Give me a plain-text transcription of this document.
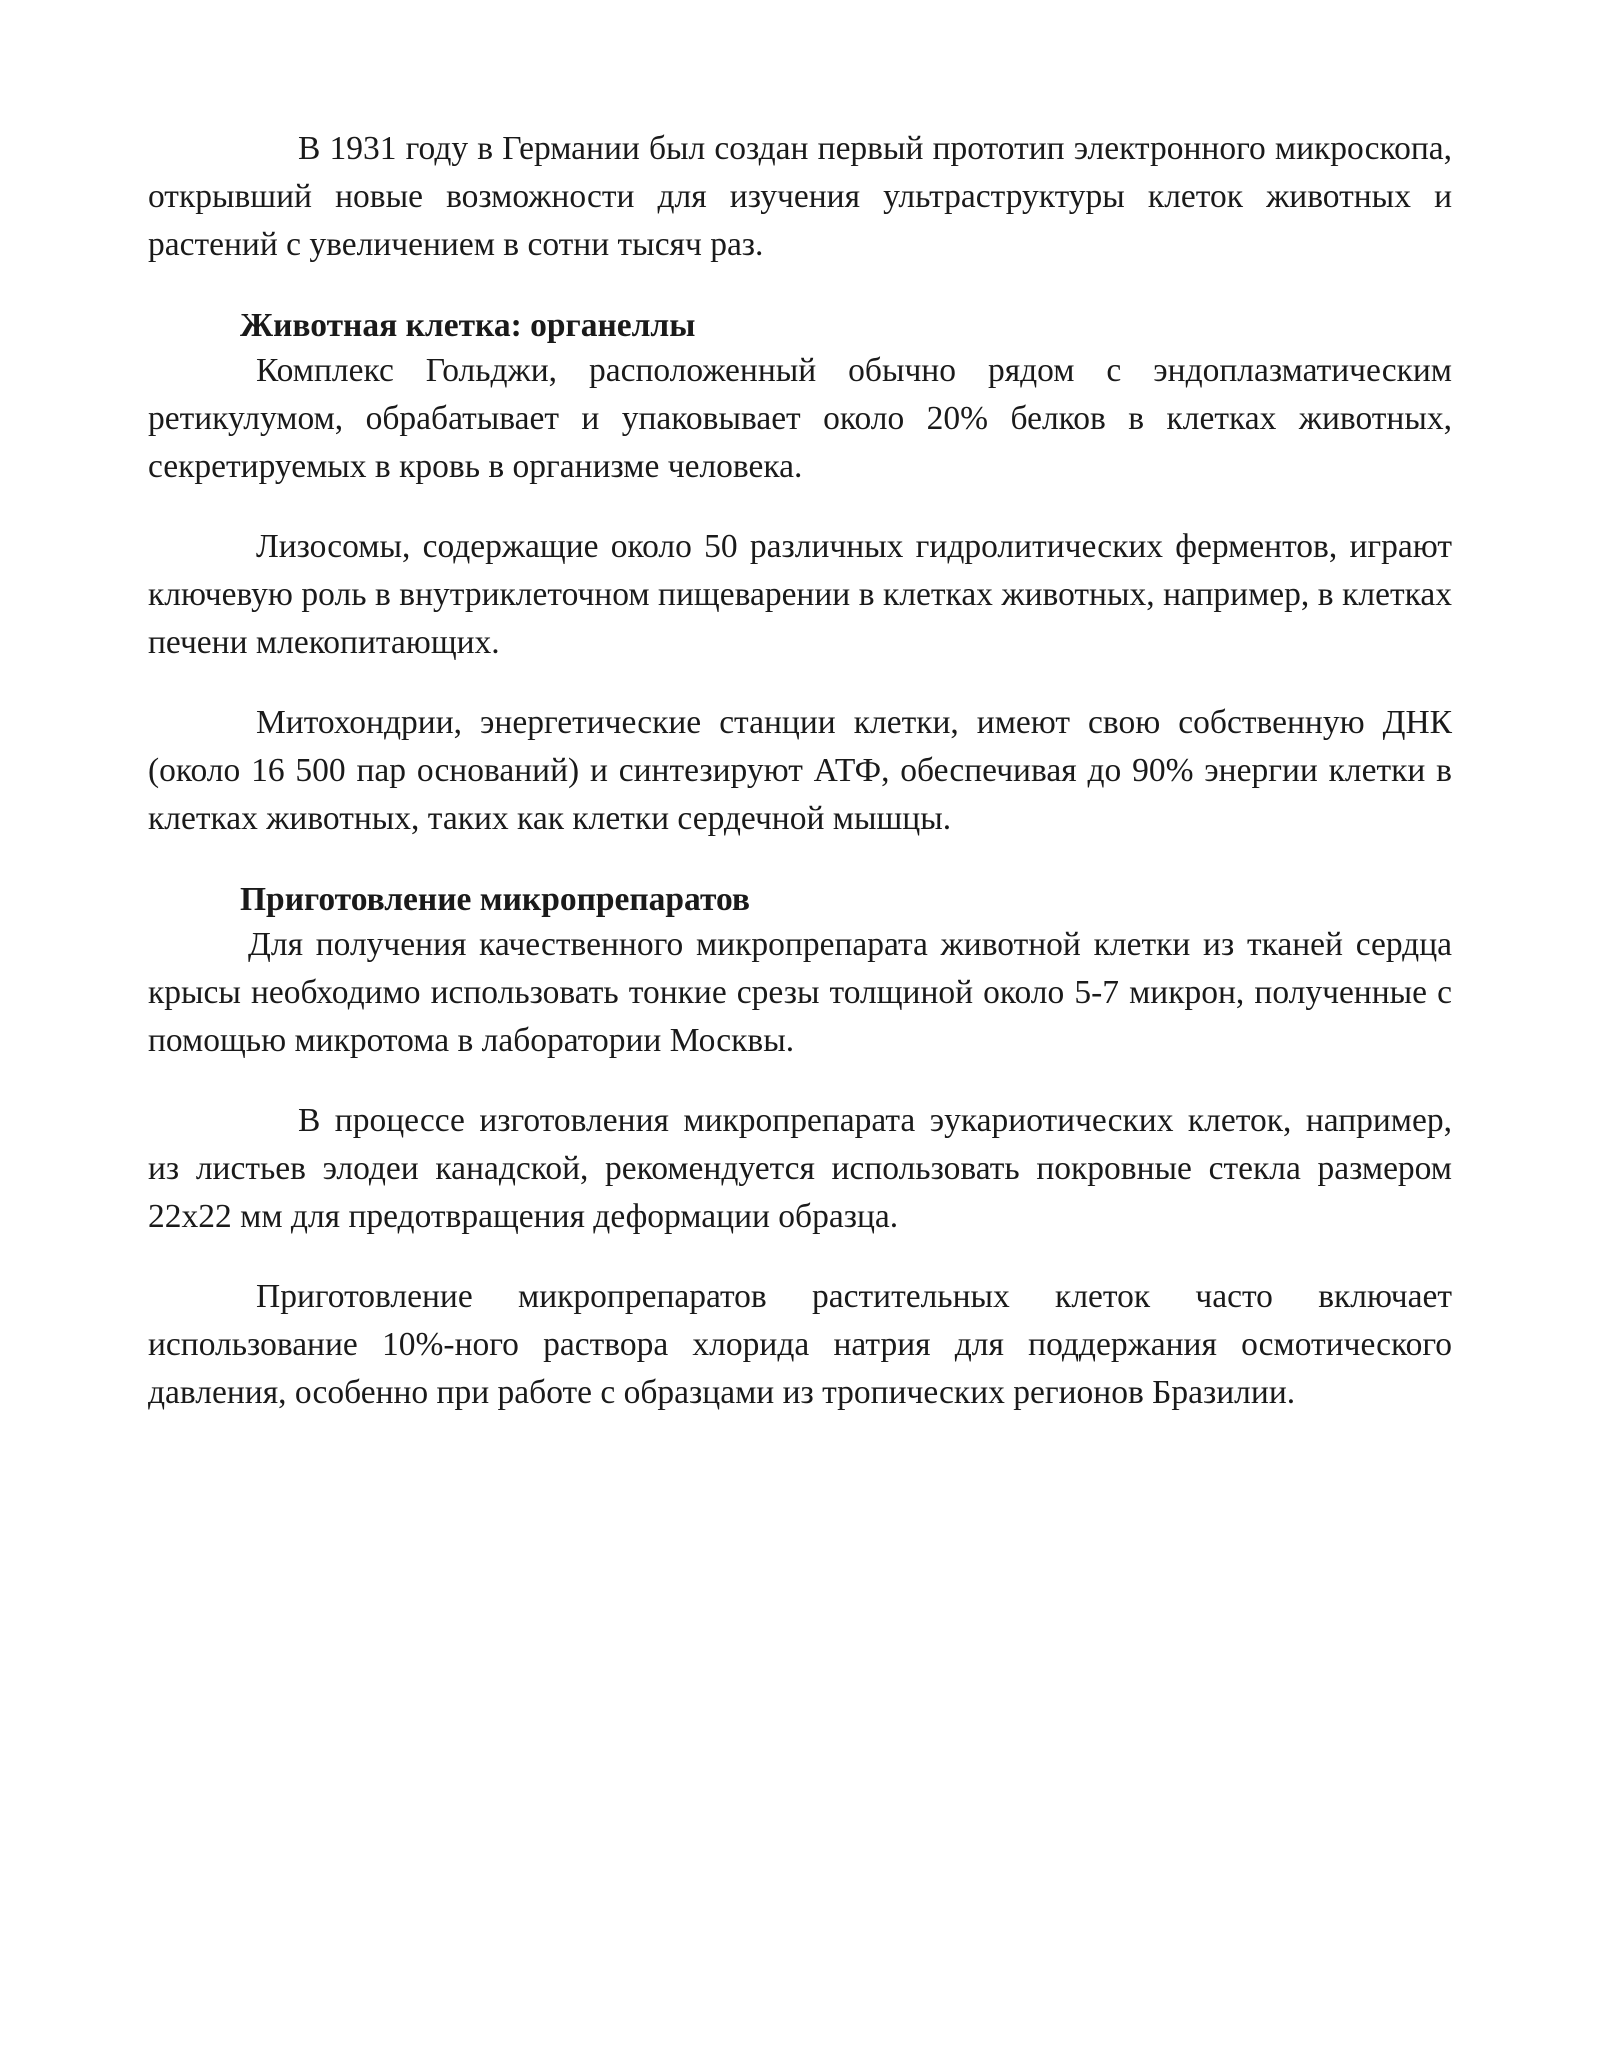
В 1931 году в Германии был создан первый прототип электронного микроскопа, открывший новые возможности для изучения ультраструктуры клеток животных и растений с увеличением в сотни тысяч раз.

Животная клетка: органеллы

Комплекс Гольджи, расположенный обычно рядом с эндоплазматическим ретикулумом, обрабатывает и упаковывает около 20% белков в клетках животных, секретируемых в кровь в организме человека.

Лизосомы, содержащие около 50 различных гидролитических ферментов, играют ключевую роль в внутриклеточном пищеварении в клетках животных, например, в клетках печени млекопитающих.

Митохондрии, энергетические станции клетки, имеют свою собственную ДНК (около 16 500 пар оснований) и синтезируют АТФ, обеспечивая до 90% энергии клетки в клетках животных, таких как клетки сердечной мышцы.

Приготовление микропрепаратов

Для получения качественного микропрепарата животной клетки из тканей сердца крысы необходимо использовать тонкие срезы толщиной около 5-7 микрон, полученные с помощью микротома в лаборатории Москвы.

В процессе изготовления микропрепарата эукариотических клеток, например, из листьев элодеи канадской, рекомендуется использовать покровные стекла размером 22x22 мм для предотвращения деформации образца.

Приготовление микропрепаратов растительных клеток часто включает использование 10%-ного раствора хлорида натрия для поддержания осмотического давления, особенно при работе с образцами из тропических регионов Бразилии.
